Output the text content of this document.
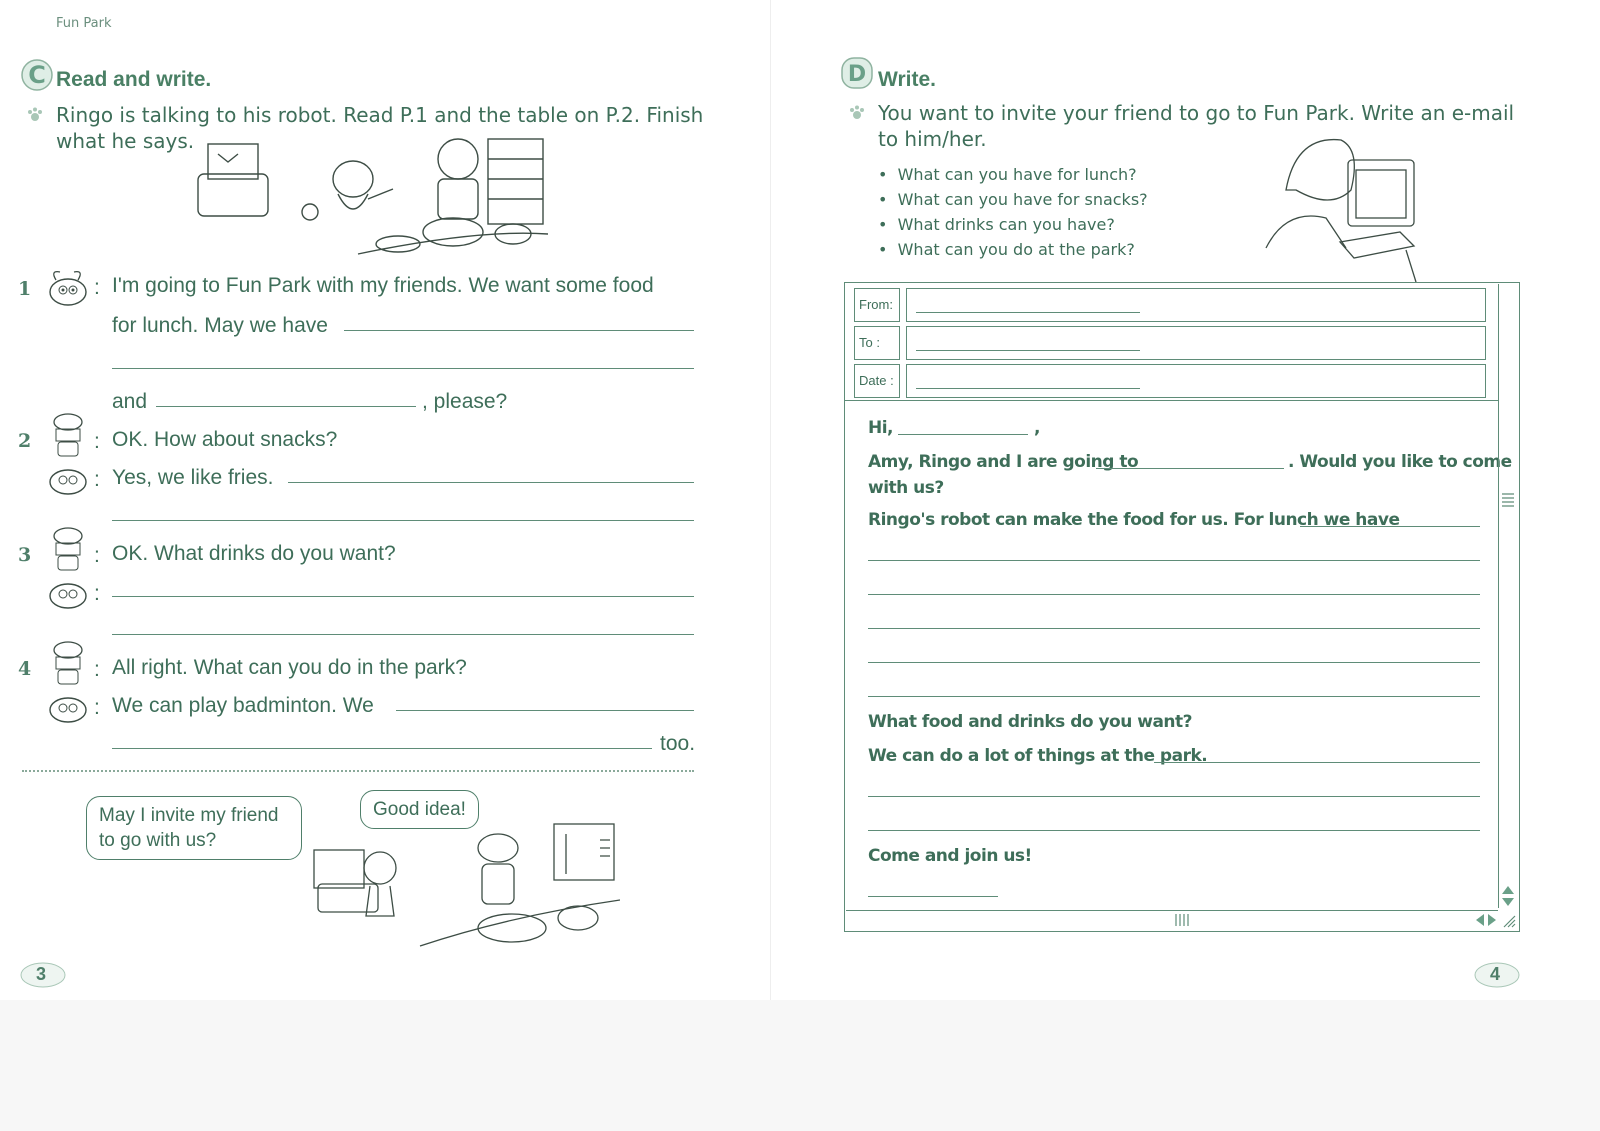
Fun Park
C Read and write.
Ringo is talking to his robot. Read P.1 and the table on P.2. Finish what he says.
1	: I'm going to Fun Park with my friends. We want some food
for lunch. May we have
and	, please?
2	: OK. How about snacks?
: Yes, we like fries.
3	: OK. What drinks do you want?
:
4	: All right. What can you do in the park?
: We can play badminton. We
too.
May I invite my friend to go with us?
Good idea!
3
D Write.
You want to invite your friend to go to Fun Park. Write an e-mail to him/her.
•  What can you have for lunch?
•  What can you have for snacks?
•  What drinks can you have?
•  What can you do at the park?
From:
To :
Date :
Hi,	,
Amy, Ringo and I are going to	. Would you like to come
with us?
Ringo's robot can make the food for us. For lunch we have
What food and drinks do you want?
We can do a lot of things at the park.
Come and join us!
4
